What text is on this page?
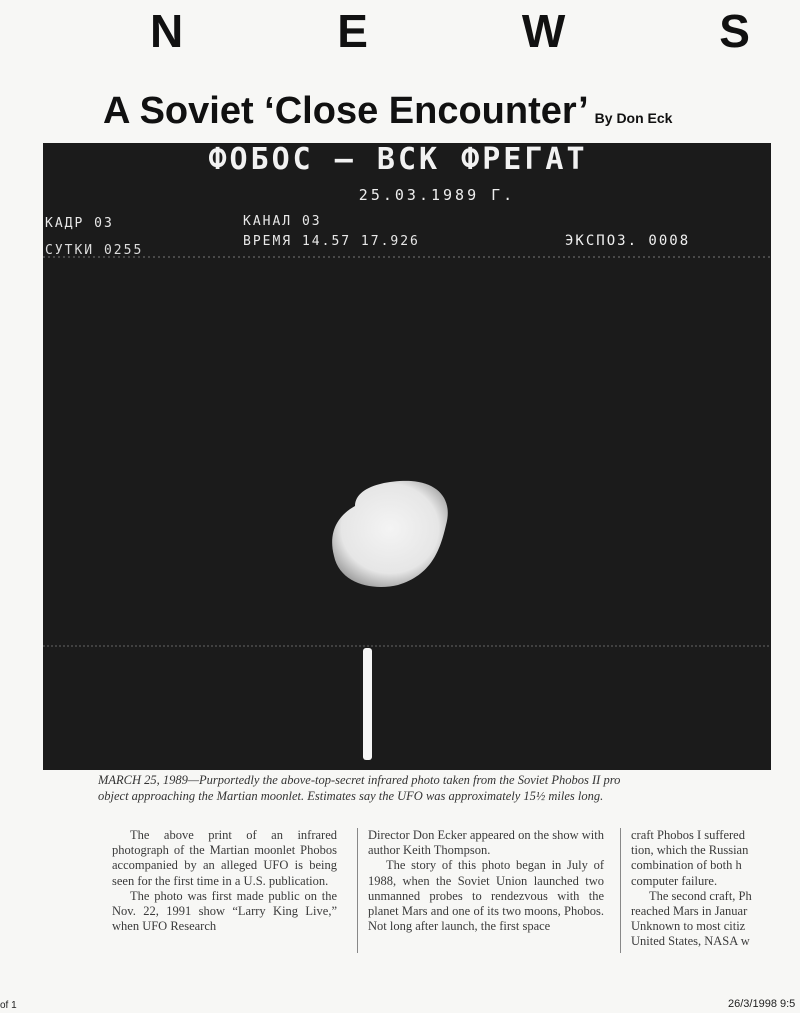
N	E	W	S
A Soviet ‘Close Encounter’ By Don Eck
ФОБОС – ВСК ФРЕГАТ
25.03.1989 Г.
КАДР 03	КАНАЛ 03
СУТКИ 0255
ВРЕМЯ 14.57 17.926	ЭКСПОЗ. 0008
MARCH 25, 1989—Purportedly the above-top-secret infrared photo taken from the Soviet Phobos II pro
object approaching the Martian moonlet. Estimates say the UFO was approximately 15½ miles long.

The above print of an infrared photograph of the Martian moonlet Phobos accompanied by an alleged UFO is being seen for the first time in a U.S. publication.

The photo was first made public on the Nov. 22, 1991 show “Larry King Live,” when UFO Research

Director Don Ecker appeared on the show with author Keith Thompson.

The story of this photo began in July of 1988, when the Soviet Union launched two unmanned probes to rendezvous with the planet Mars and one of its two moons, Phobos. Not long after launch, the first space

craft Phobos I suffered

tion, which the Russian

combination of both h

computer failure.

The second craft, Ph

reached Mars in Januar

Unknown to most citiz

United States, NASA w

of 1	26/3/1998 9:5
